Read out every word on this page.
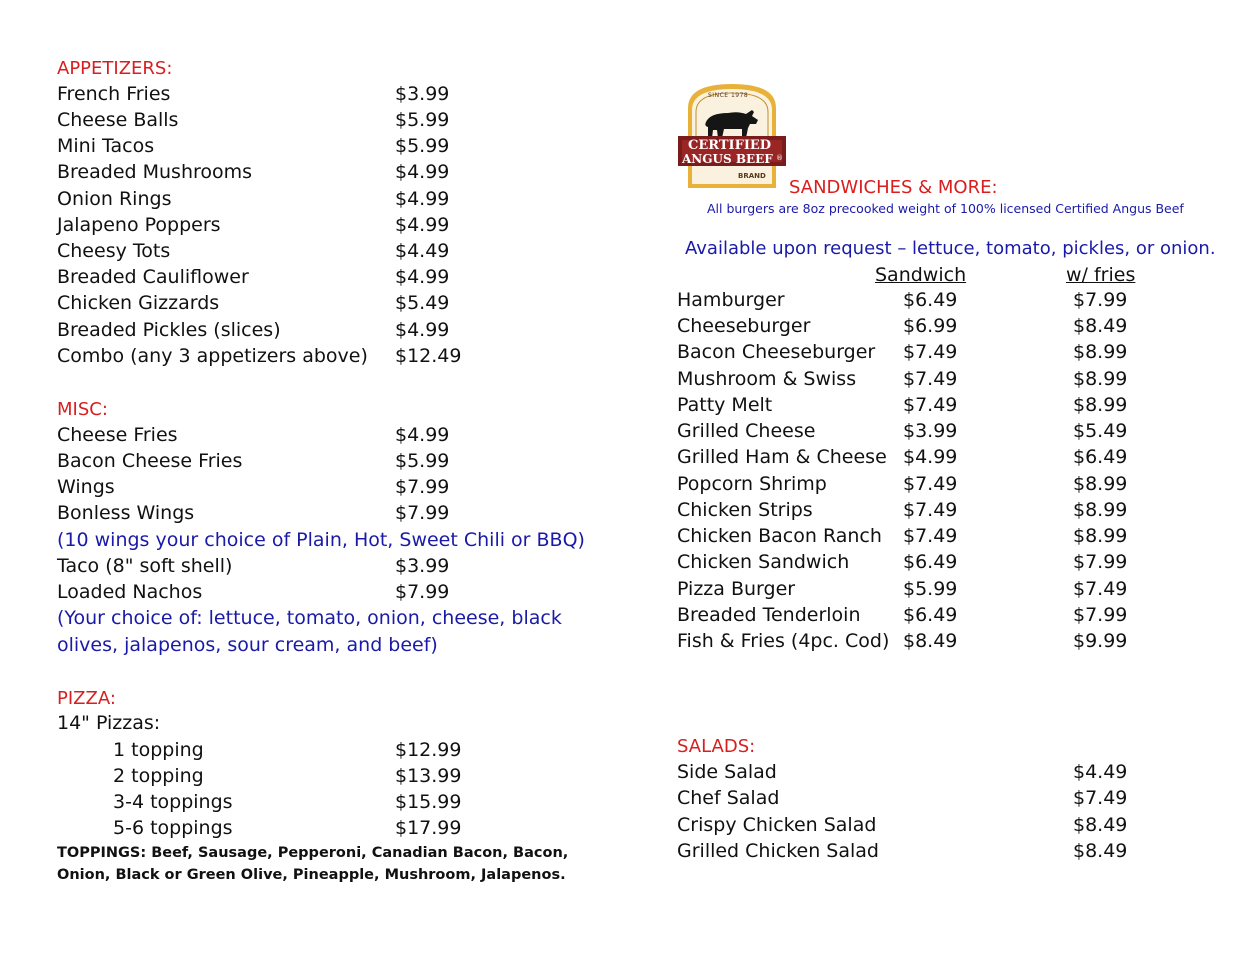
APPETIZERS:
French Fries	$3.99
Cheese Balls	$5.99
Mini Tacos	$5.99
Breaded Mushrooms	$4.99
Onion Rings	$4.99
Jalapeno Poppers	$4.99
Cheesy Tots	$4.49
Breaded Cauliflower	$4.99
Chicken Gizzards	$5.49
Breaded Pickles (slices)	$4.99
Combo (any 3 appetizers above) $12.49
MISC:
Cheese Fries	$4.99
Bacon Cheese Fries	$5.99
Wings	$7.99
Bonless Wings	$7.99
(10 wings your choice of Plain, Hot, Sweet Chili or BBQ)
Taco (8" soft shell)	$3.99
Loaded Nachos	$7.99
(Your choice of: lettuce, tomato, onion, cheese, black
olives, jalapenos, sour cream, and beef)
PIZZA:
14" Pizzas:
1 topping	$12.99
2 topping	$13.99
3-4 toppings	$15.99
5-6 toppings	$17.99
TOPPINGS: Beef, Sausage, Pepperoni, Canadian Bacon, Bacon,
Onion, Black or Green Olive, Pineapple, Mushroom, Jalapenos.
SINCE 1978
CERTIFIED
ANGUS BEEF ®
BRAND
SANDWICHES & MORE:
All burgers are 8oz precooked weight of 100% licensed Certified Angus Beef
Available upon request – lettuce, tomato, pickles, or onion.
Sandwich	w/ fries
Hamburger	$6.49	$7.99
Cheeseburger	$6.99	$8.49
Bacon Cheeseburger $7.49	$8.99
Mushroom & Swiss $7.49	$8.99
Patty Melt	$7.49	$8.99
Grilled Cheese	$3.99	$5.49
Grilled Ham & Cheese $4.99	$6.49
Popcorn Shrimp	$7.49	$8.99
Chicken Strips	$7.49	$8.99
Chicken Bacon Ranch $7.49	$8.99
Chicken Sandwich	$6.49	$7.99
Pizza Burger	$5.99	$7.49
Breaded Tenderloin $6.49	$7.99
Fish & Fries (4pc. Cod) $8.49	$9.99
SALADS:
Side Salad	$4.49
Chef Salad	$7.49
Crispy Chicken Salad	$8.49
Grilled Chicken Salad	$8.49
